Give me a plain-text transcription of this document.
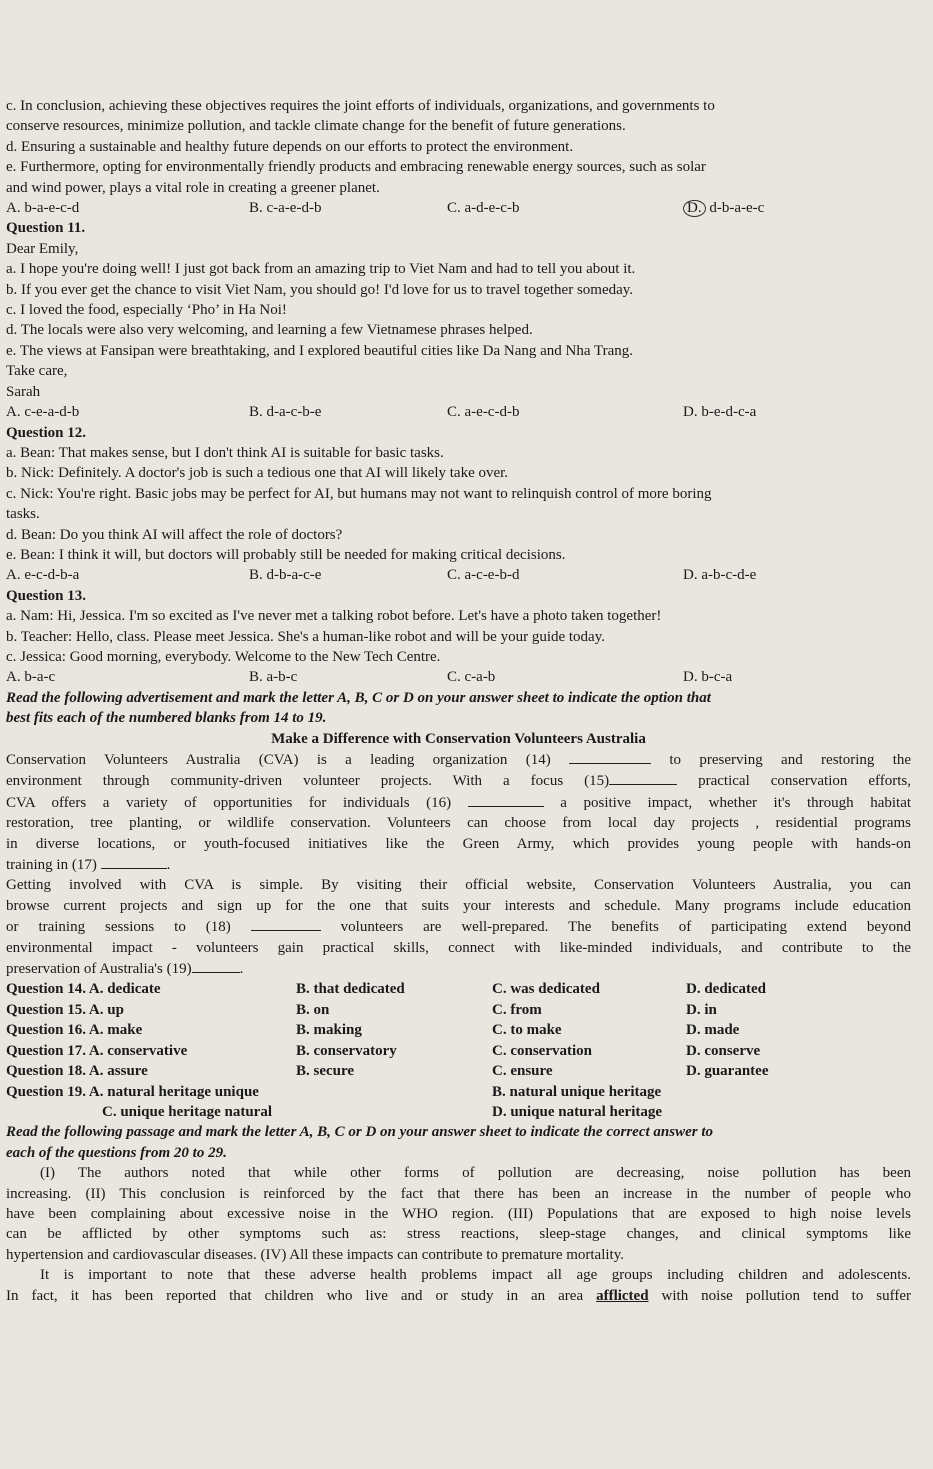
c. In conclusion, achieving these objectives requires the joint efforts of individuals, organizations, and governments to
conserve resources, minimize pollution, and tackle climate change for the benefit of future generations.
d. Ensuring a sustainable and healthy future depends on our efforts to protect the environment.
e. Furthermore, opting for environmentally friendly products and embracing renewable energy sources, such as solar
and wind power, plays a vital role in creating a greener planet.
A. b-a-e-c-d	B. c-a-e-d-b	C. a-d-e-c-b	D. d-b-a-e-c
Question 11.
Dear Emily,
a. I hope you're doing well! I just got back from an amazing trip to Viet Nam and had to tell you about it.
b. If you ever get the chance to visit Viet Nam, you should go! I'd love for us to travel together someday.
c. I loved the food, especially ‘Pho’ in Ha Noi!
d. The locals were also very welcoming, and learning a few Vietnamese phrases helped.
e. The views at Fansipan were breathtaking, and I explored beautiful cities like Da Nang and Nha Trang.
Take care,
Sarah
A. c-e-a-d-b	B. d-a-c-b-e	C. a-e-c-d-b	D. b-e-d-c-a
Question 12.
a. Bean: That makes sense, but I don't think AI is suitable for basic tasks.
b. Nick: Definitely. A doctor's job is such a tedious one that AI will likely take over.
c. Nick: You're right. Basic jobs may be perfect for AI, but humans may not want to relinquish control of more boring
tasks.
d. Bean: Do you think AI will affect the role of doctors?
e. Bean: I think it will, but doctors will probably still be needed for making critical decisions.
A. e-c-d-b-a	B. d-b-a-c-e	C. a-c-e-b-d	D. a-b-c-d-e
Question 13.
a. Nam: Hi, Jessica. I'm so excited as I've never met a talking robot before. Let's have a photo taken together!
b. Teacher: Hello, class. Please meet Jessica. She's a human-like robot and will be your guide today.
c. Jessica: Good morning, everybody. Welcome to the New Tech Centre.
A. b-a-c	B. a-b-c	C. c-a-b	D. b-c-a
Read the following advertisement and mark the letter A, B, C or D on your answer sheet to indicate the option that
best fits each of the numbered blanks from 14 to 19.
Make a Difference with Conservation Volunteers Australia
Conservation Volunteers Australia (CVA) is a leading organization (14)	to preserving and restoring the
environment through community-driven volunteer projects. With a focus (15)	practical conservation efforts,
CVA offers a variety of opportunities for individuals (16)	a positive impact, whether it's through habitat
restoration, tree planting, or wildlife conservation. Volunteers can choose from local day projects , residential programs
in diverse locations, or youth-focused initiatives like the Green Army, which provides young people with hands-on
training in (17)	.
Getting involved with CVA is simple. By visiting their official website, Conservation Volunteers Australia, you can
browse current projects and sign up for the one that suits your interests and schedule. Many programs include education
or training sessions to (18)	volunteers are well-prepared. The benefits of participating extend beyond
environmental impact - volunteers gain practical skills, connect with like-minded individuals, and contribute to the
preservation of Australia's (19)	.
Question 14. A. dedicate	B. that dedicated	C. was dedicated	D. dedicated
Question 15. A. up	B. on	C. from	D. in
Question 16. A. make	B. making	C. to make	D. made
Question 17. A. conservative	B. conservatory	C. conservation	D. conserve
Question 18. A. assure	B. secure	C. ensure	D. guarantee
Question 19. A. natural heritage unique	B. natural unique heritage
C. unique heritage natural	D. unique natural heritage
Read the following passage and mark the letter A, B, C or D on your answer sheet to indicate the correct answer to
each of the questions from 20 to 29.
(I) The authors noted that while other forms of pollution are decreasing, noise pollution has been
increasing. (II) This conclusion is reinforced by the fact that there has been an increase in the number of people who
have been complaining about excessive noise in the WHO region. (III) Populations that are exposed to high noise levels
can be afflicted by other symptoms such as: stress reactions, sleep-stage changes, and clinical symptoms like
hypertension and cardiovascular diseases. (IV) All these impacts can contribute to premature mortality.
It is important to note that these adverse health problems impact all age groups including children and adolescents.
In fact, it has been reported that children who live and or study in an area afflicted with noise pollution tend to suffer
